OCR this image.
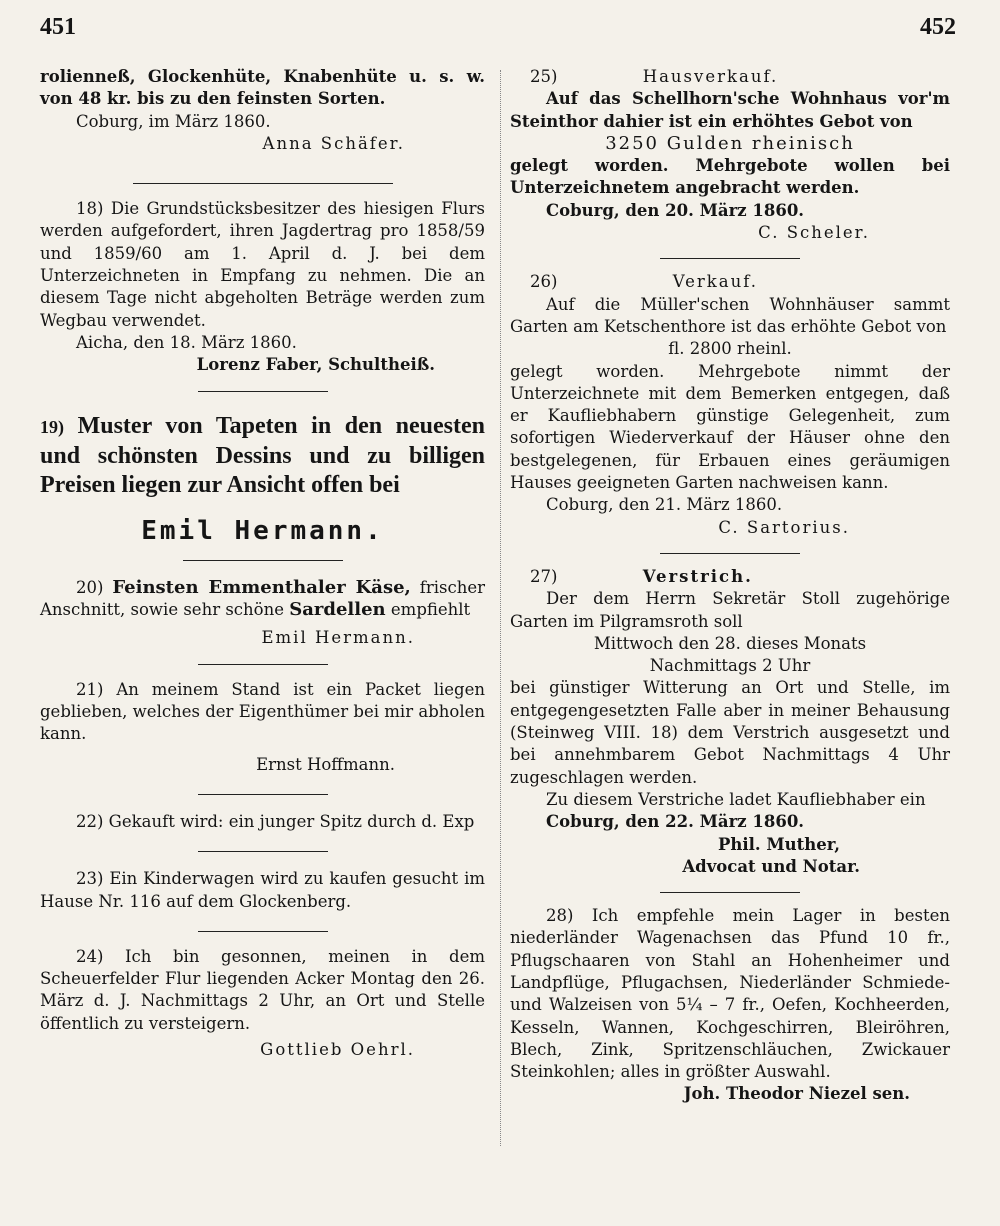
451	452

rolienneß, Glockenhüte, Knabenhüte u. s. w. von 48 kr. bis zu den feinsten Sorten.

Coburg, im März 1860.

Anna Schäfer.

18) Die Grundstücksbesitzer des hiesigen Flurs werden aufgefordert, ihren Jagdertrag pro 1858/59 und 1859/60 am 1. April d. J. bei dem Unterzeichneten in Empfang zu nehmen. Die an diesem Tage nicht abgeholten Beträge werden zum Wegbau verwendet.

Aicha, den 18. März 1860.

Lorenz Faber, Schultheiß.

19) Muster von Tapeten in den neuesten und schönsten Dessins und zu billigen Preisen liegen zur Ansicht offen bei
Emil Hermann.

20) Feinsten Emmenthaler Käse, frischer Anschnitt, sowie sehr schöne Sardellen empfiehlt

Emil Hermann.

21) An meinem Stand ist ein Packet liegen geblieben, welches der Eigenthümer bei mir abholen kann.

Ernst Hoffmann.

22) Gekauft wird: ein junger Spitz durch d. Exp

23) Ein Kinderwagen wird zu kaufen gesucht im Hause Nr. 116 auf dem Glockenberg.

24) Ich bin gesonnen, meinen in dem Scheuerfelder Flur liegenden Acker Montag den 26. März d. J. Nachmittags 2 Uhr, an Ort und Stelle öffentlich zu versteigern.

Gottlieb Oehrl.

25)	Hausverkauf.

Auf das Schellhorn'sche Wohnhaus vor'm Steinthor dahier ist ein erhöhtes Gebot von

3250 Gulden rheinisch

gelegt worden. Mehrgebote wollen bei Unterzeichnetem angebracht werden.

Coburg, den 20. März 1860.

C. Scheler.

26)	Verkauf.

Auf die Müller'schen Wohnhäuser sammt Garten am Ketschenthore ist das erhöhte Gebot von

fl. 2800 rheinl.

gelegt worden. Mehrgebote nimmt der Unterzeichnete mit dem Bemerken entgegen, daß er Kaufliebhabern günstige Gelegenheit, zum sofortigen Wiederverkauf der Häuser ohne den bestgelegenen, für Erbauen eines geräumigen Hauses geeigneten Garten nachweisen kann.

Coburg, den 21. März 1860.

C. Sartorius.

27)	Verstrich.

Der dem Herrn Sekretär Stoll zugehörige Garten im Pilgramsroth soll

Mittwoch den 28. dieses Monats

Nachmittags 2 Uhr

bei günstiger Witterung an Ort und Stelle, im entgegengesetzten Falle aber in meiner Behausung (Steinweg VIII. 18) dem Verstrich ausgesetzt und bei annehmbarem Gebot Nachmittags 4 Uhr zugeschlagen werden.

Zu diesem Verstriche ladet Kaufliebhaber ein

Coburg, den 22. März 1860.

Phil. Muther,

Advocat und Notar.

28) Ich empfehle mein Lager in besten niederländer Wagenachsen das Pfund 10 fr., Pflugschaaren von Stahl an Hohenheimer und Landpflüge, Pflugachsen, Niederländer Schmiede- und Walzeisen von 5¼ – 7 fr., Oefen, Kochheerden, Kesseln, Wannen, Kochgeschirren, Bleiröhren, Blech, Zink, Spritzenschläuchen, Zwickauer Steinkohlen; alles in größter Auswahl.

Joh. Theodor Niezel sen.
